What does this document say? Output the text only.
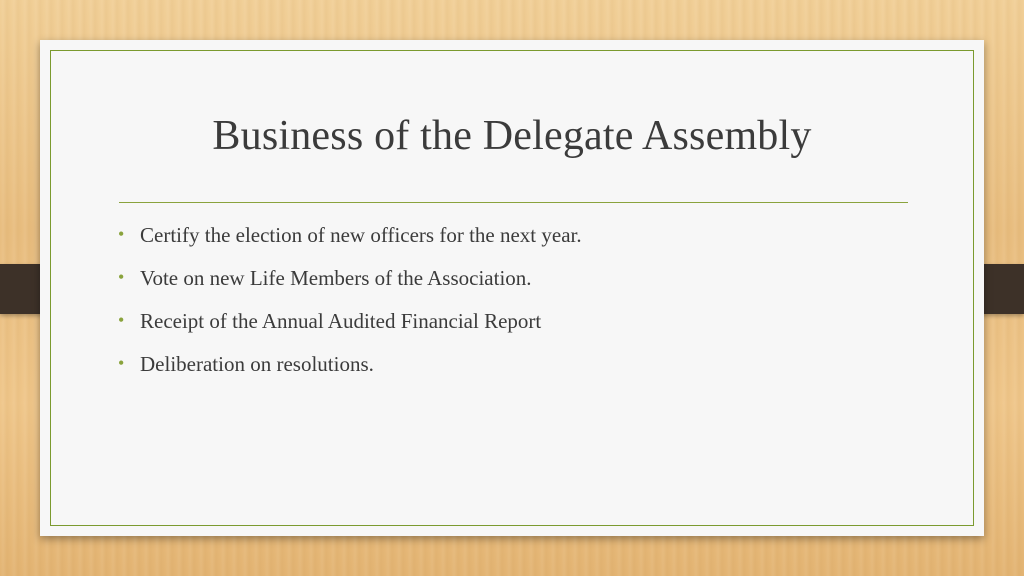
Business of the Delegate Assembly
• Certify the election of new officers for the next year.
• Vote on new Life Members of the Association.
• Receipt of the Annual Audited Financial Report
• Deliberation on resolutions.
